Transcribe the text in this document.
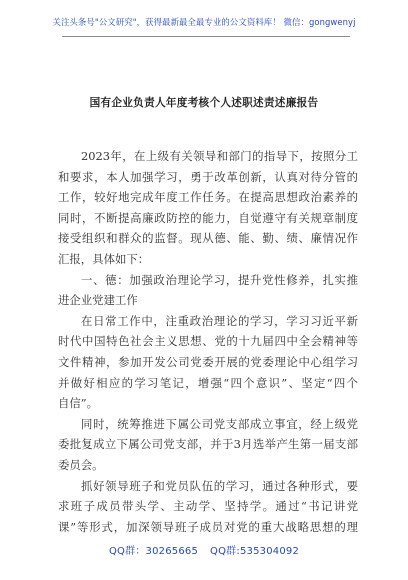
关注头条号"公文研究"，获得最新最全最专业的公文资料库！ 微信：gongwenyj
国有企业负责人年度考核个人述职述责述廉报告
2023年，在上级有关领导和部门的指导下，按照分工
和要求，本人加强学习，勇于改革创新，认真对待分管的
工作，较好地完成年度工作任务。在提高思想政治素养的
同时，不断提高廉政防控的能力，自觉遵守有关规章制度
接受组织和群众的监督。现从德、能、勤、绩、廉情况作
汇报，具体如下：
一、德：加强政治理论学习，提升党性修养，扎实推
进企业党建工作
在日常工作中，注重政治理论的学习，学习习近平新
时代中国特色社会主义思想、党的十九届四中全会精神等
文件精神，参加开发公司党委开展的党委理论中心组学习
并做好相应的学习笔记，增强“四个意识”、坚定“四个
自信”。
同时，统筹推进下属公司党支部成立事宜，经上级党
委批复成立下属公司党支部，并于3月选举产生第一届支部
委员会。
抓好领导班子和党员队伍的学习，通过各种形式，要
求班子成员带头学、主动学、坚持学。通过“书记讲党
课”等形式，加深领导班子成员对党的重大战略思想的理
QQ群：30265665 QQ群:535304092
